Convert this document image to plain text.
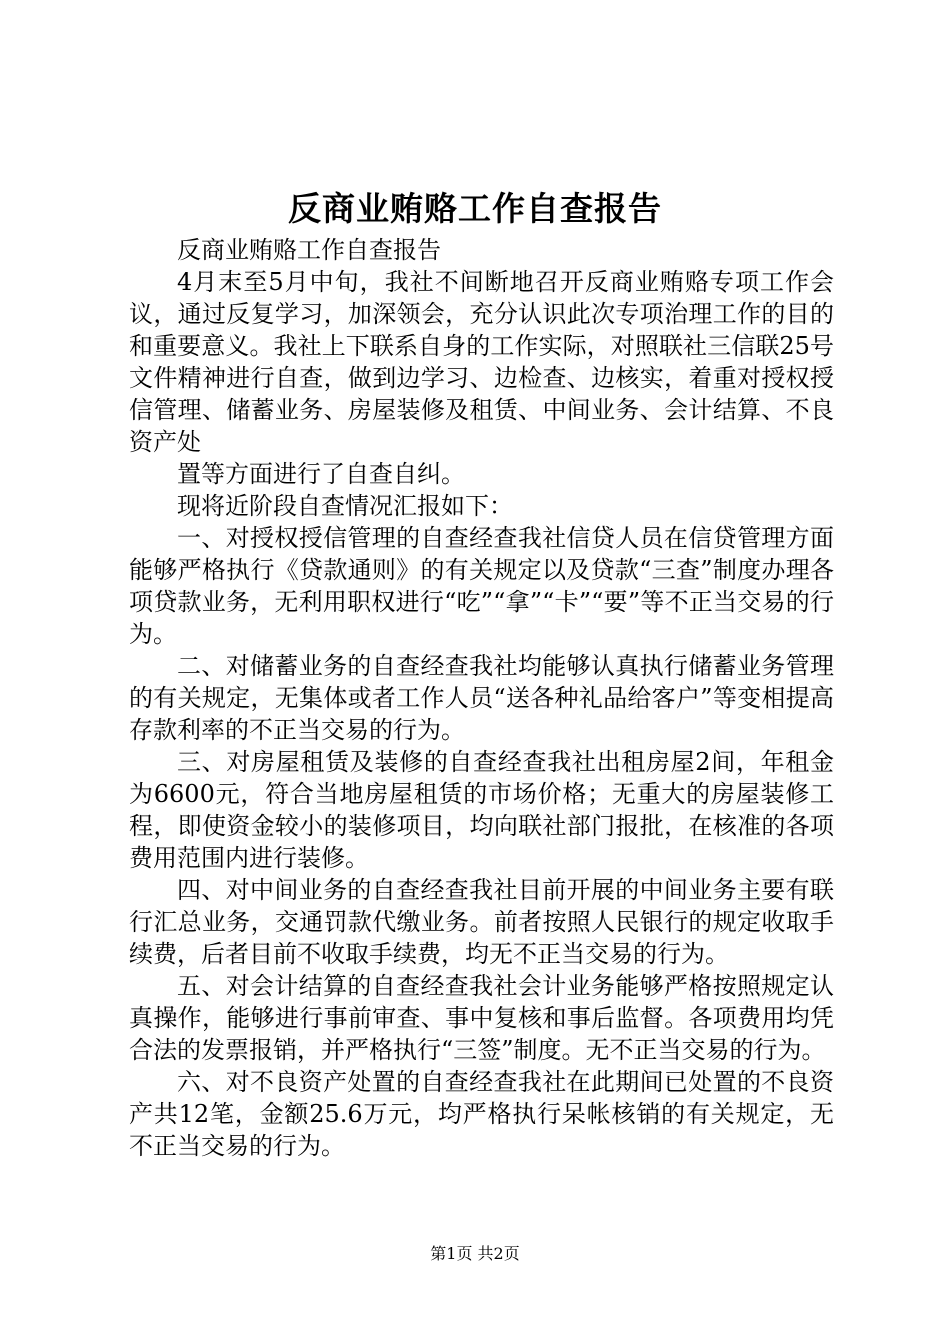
反商业贿赂工作自查报告

反商业贿赂工作自查报告

4月末至5月中旬，我社不间断地召开反商业贿赂专项工作会议，通过反复学习，加深领会，充分认识此次专项治理工作的目的和重要意义。我社上下联系自身的工作实际，对照联社三信联25号文件精神进行自查，做到边学习、边检查、边核实，着重对授权授信管理、储蓄业务、房屋装修及租赁、中间业务、会计结算、不良资产处

置等方面进行了自查自纠。

现将近阶段自查情况汇报如下：

一、对授权授信管理的自查经查我社信贷人员在信贷管理方面能够严格执行《贷款通则》的有关规定以及贷款“三查”制度办理各项贷款业务，无利用职权进行“吃”“拿”“卡”“要”等不正当交易的行为。

二、对储蓄业务的自查经查我社均能够认真执行储蓄业务管理的有关规定，无集体或者工作人员“送各种礼品给客户”等变相提高存款利率的不正当交易的行为。

三、对房屋租赁及装修的自查经查我社出租房屋2间，年租金为6600元，符合当地房屋租赁的市场价格；无重大的房屋装修工程，即使资金较小的装修项目，均向联社部门报批，在核准的各项费用范围内进行装修。

四、对中间业务的自查经查我社目前开展的中间业务主要有联行汇总业务，交通罚款代缴业务。前者按照人民银行的规定收取手续费，后者目前不收取手续费，均无不正当交易的行为。

五、对会计结算的自查经查我社会计业务能够严格按照规定认真操作，能够进行事前审查、事中复核和事后监督。各项费用均凭合法的发票报销，并严格执行“三签”制度。无不正当交易的行为。

六、对不良资产处置的自查经查我社在此期间已处置的不良资产共12笔，金额25.6万元，均严格执行呆帐核销的有关规定，无不正当交易的行为。

第1页 共2页
